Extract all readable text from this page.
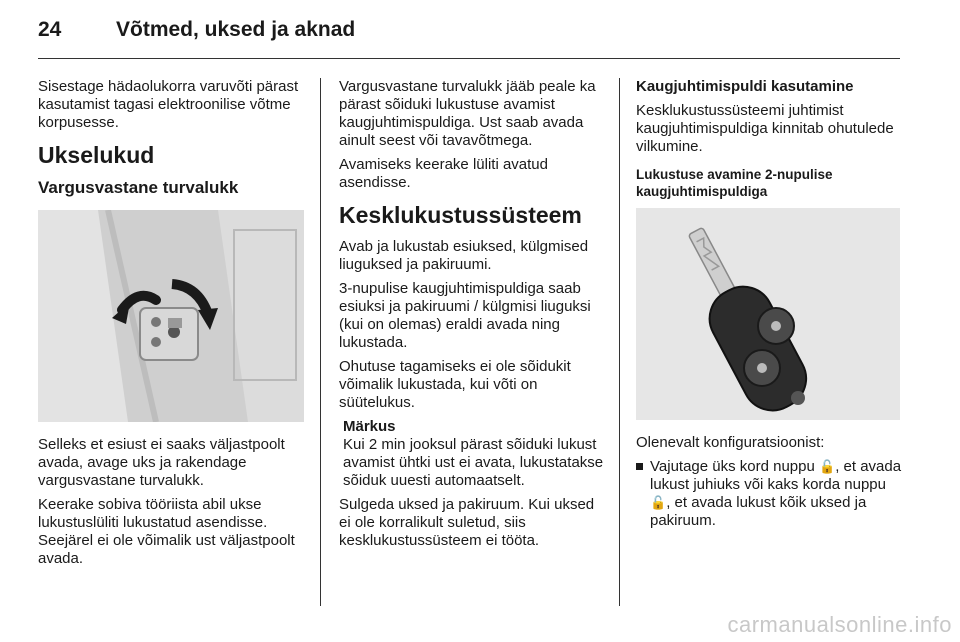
24	Võtmed, uksed ja aknad

Sisestage hädaolukorra varuvõti pärast kasutamist tagasi elektroonilise võtme korpusesse.

Ukselukud
Vargusvastane turvalukk

Selleks et esiust ei saaks väljastpoolt avada, avage uks ja rakendage vargusvastane turvalukk.

Keerake sobiva tööriista abil ukse lukustuslüliti lukustatud asendisse. Seejärel ei ole võimalik ust väljastpoolt avada.

Vargusvastane turvalukk jääb peale ka pärast sõiduki lukustuse avamist kaugjuhtimispuldiga. Ust saab avada ainult seest või tavavõtmega.

Avamiseks keerake lüliti avatud asendisse.

Kesklukustussüsteem

Avab ja lukustab esiuksed, külgmised liuguksed ja pakiruumi.

3-nupulise kaugjuhtimispuldiga saab esiuksi ja pakiruumi / külgmisi liuguksi (kui on olemas) eraldi avada ning lukustada.

Ohutuse tagamiseks ei ole sõidukit võimalik lukustada, kui võti on süütelukus.

Märkus

Kui 2 min jooksul pärast sõiduki lukust avamist ühtki ust ei avata, lukustatakse sõiduk uuesti automaatselt.

Sulgeda uksed ja pakiruum. Kui uksed ei ole korralikult suletud, siis kesklukustussüsteem ei tööta.

Kaugjuhtimispuldi kasutamine

Kesklukustussüsteemi juhtimist kaugjuhtimispuldiga kinnitab ohutulede vilkumine.

Lukustuse avamine 2-nupulise kaugjuhtimispuldiga

Olenevalt konfiguratsioonist:

Vajutage üks kord nuppu 🔓, et avada lukust juhiuks või kaks korda nuppu 🔓, et avada lukust kõik uksed ja pakiruum.
carmanualsonline.info
